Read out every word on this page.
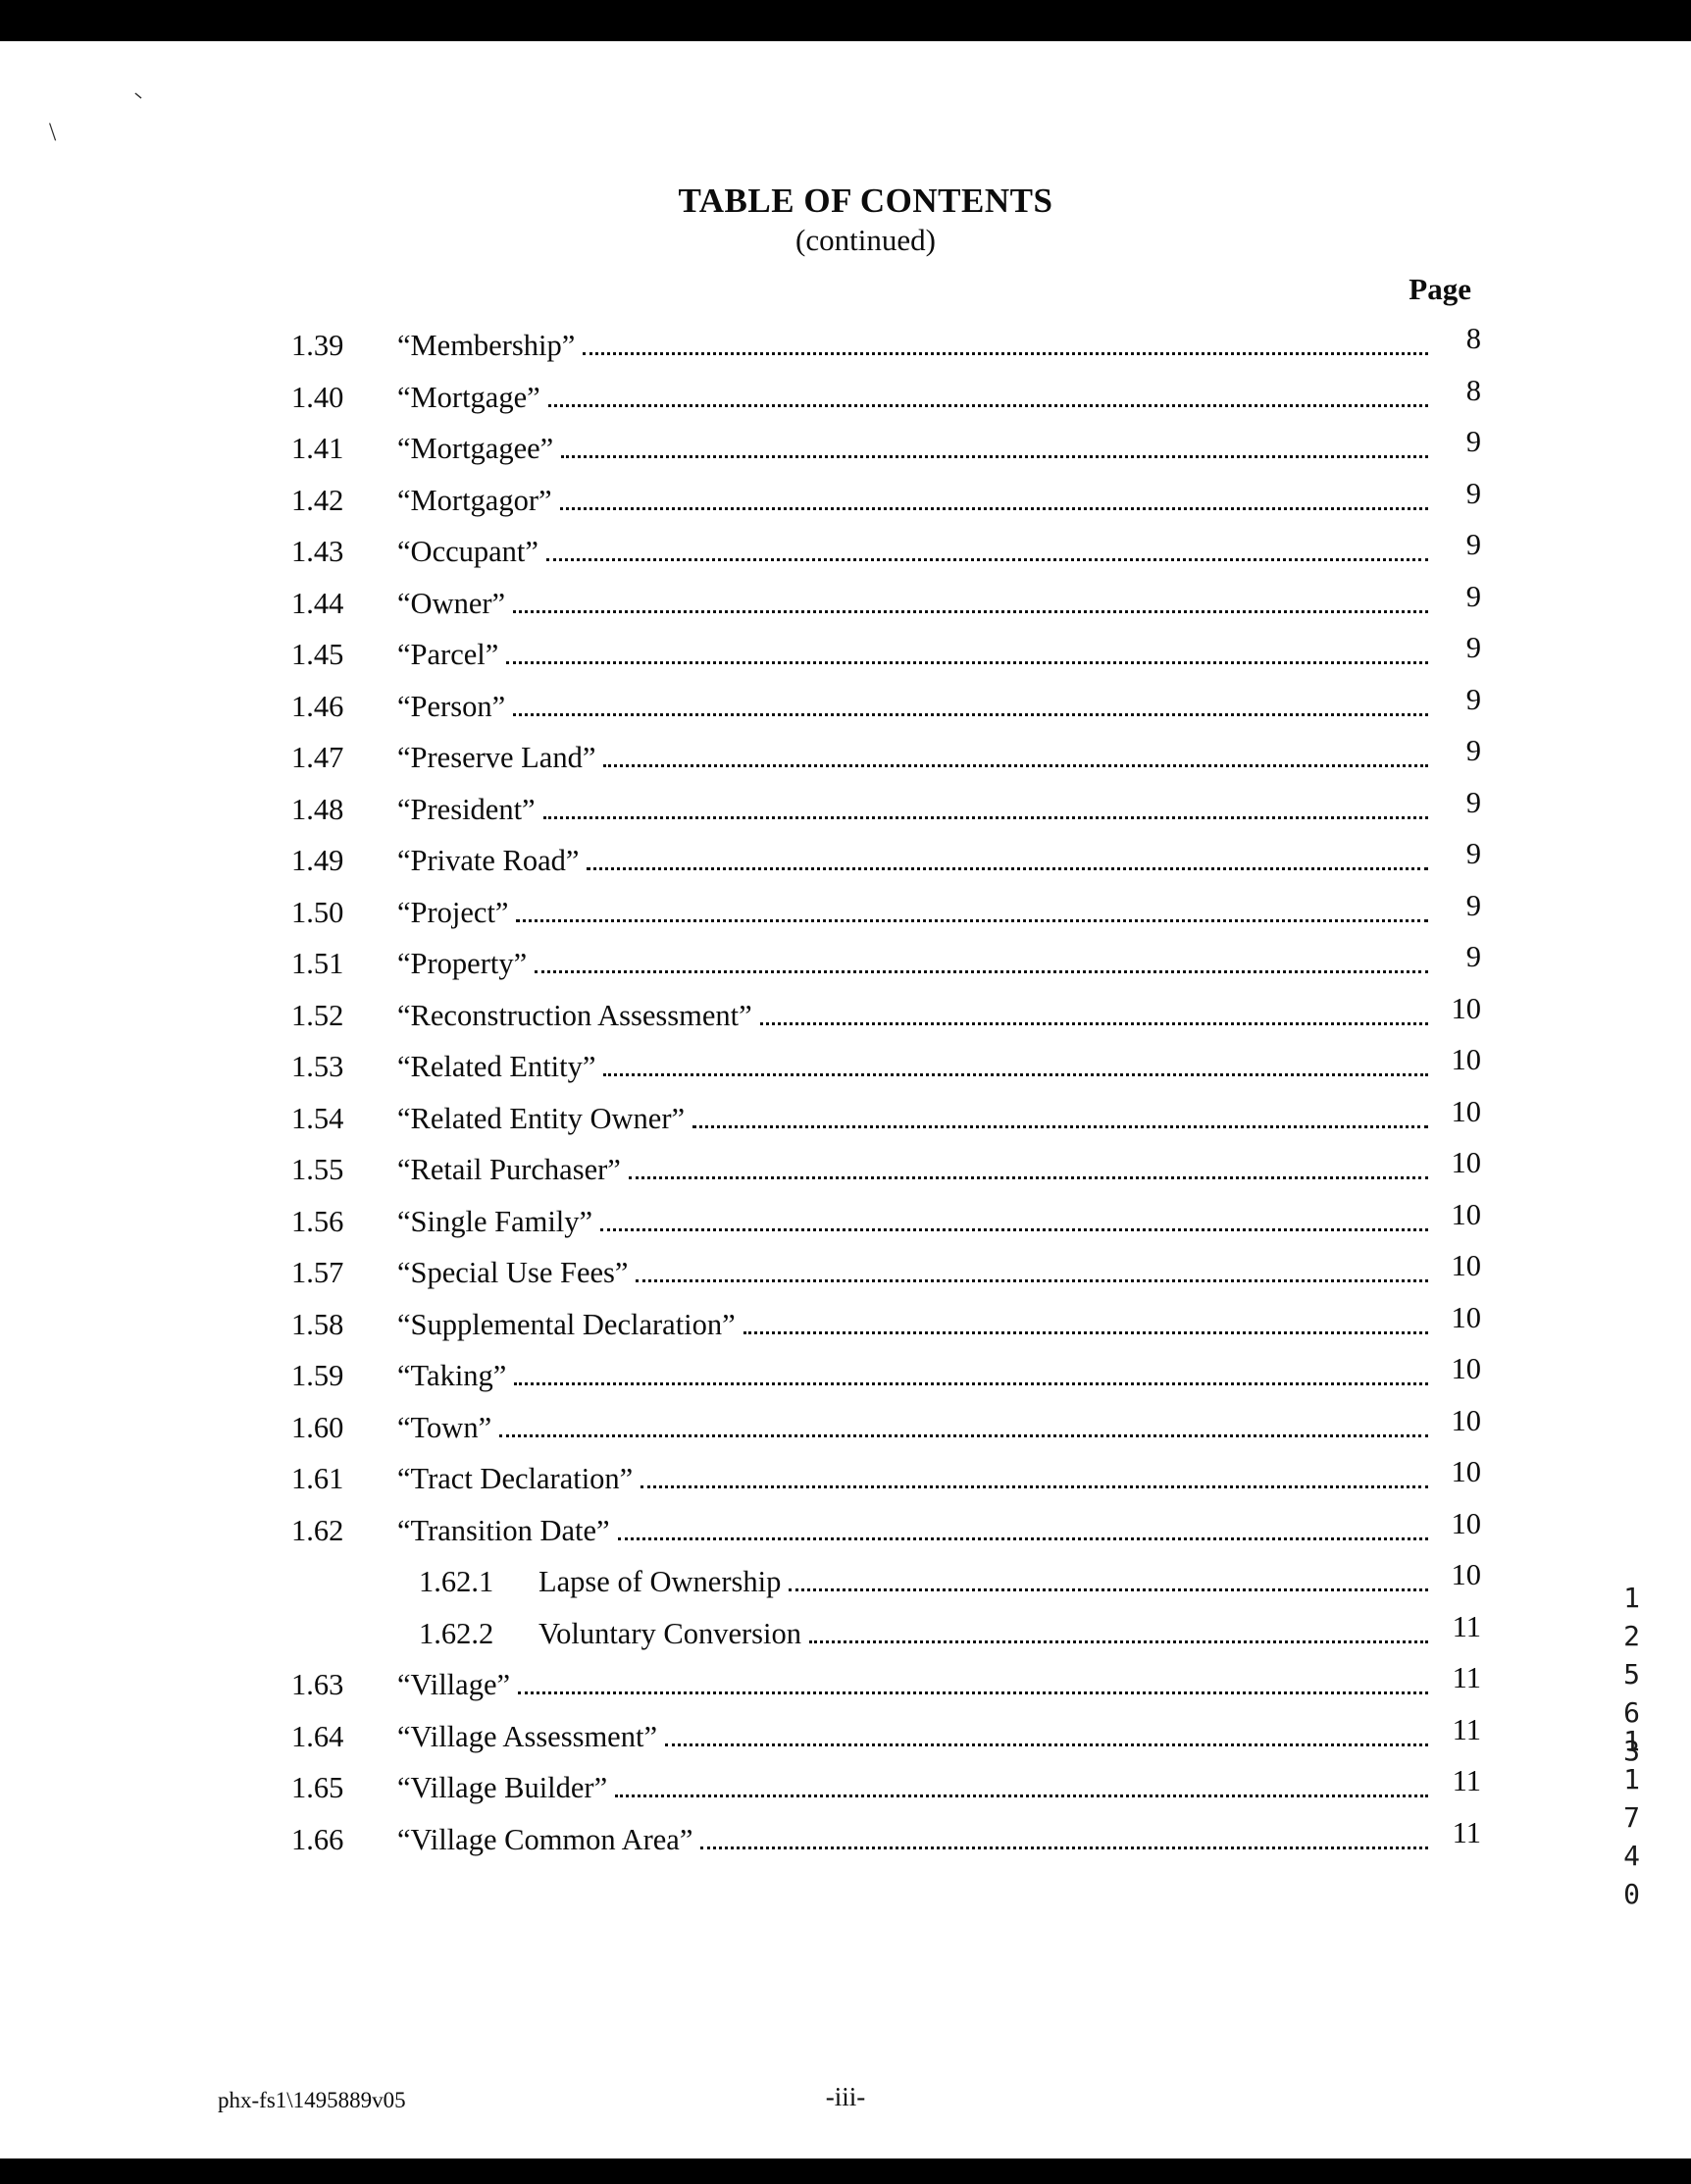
ˉ
\
TABLE OF CONTENTS
(continued)
Page
1.39	“Membership”	8
1.40	“Mortgage”	8
1.41	“Mortgagee”	9
1.42	“Mortgagor”	9
1.43	“Occupant”	9
1.44	“Owner”	9
1.45	“Parcel”	9
1.46	“Person”	9
1.47	“Preserve Land”	9
1.48	“President”	9
1.49	“Private Road”	9
1.50	“Project”	9
1.51	“Property”	9
1.52	“Reconstruction Assessment”	10
1.53	“Related Entity”	10
1.54	“Related Entity Owner”	10
1.55	“Retail Purchaser”	10
1.56	“Single Family”	10
1.57	“Special Use Fees”	10
1.58	“Supplemental Declaration”	10
1.59	“Taking”	10
1.60	“Town”	10
1.61	“Tract Declaration”	10
1.62	“Transition Date”	10
1.62.1	Lapse of Ownership	10
1.62.2	Voluntary Conversion	11
1.63	“Village”	11
1.64	“Village Assessment”	11
1.65	“Village Builder”	11
1.66	“Village Common Area”	11
12563
11740
phx-fs1\1495889v05	-iii-
